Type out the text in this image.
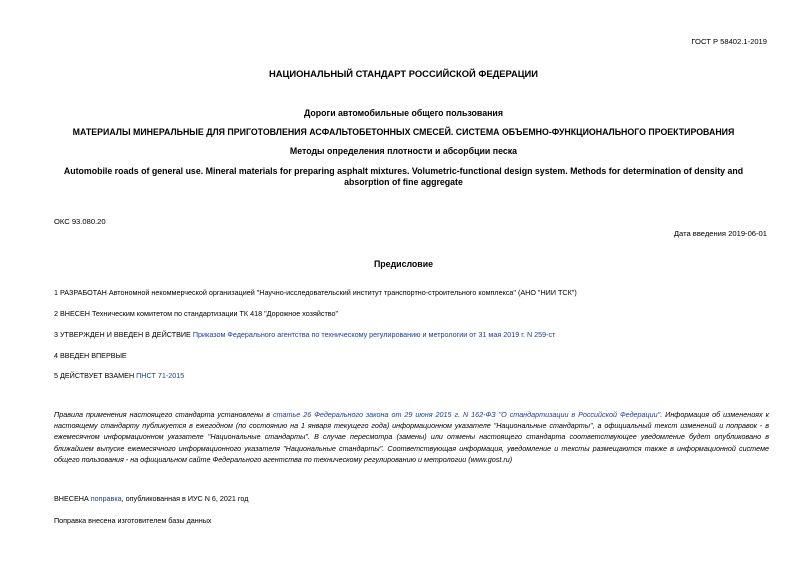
ГОСТ Р 58402.1-2019
НАЦИОНАЛЬНЫЙ СТАНДАРТ РОССИЙСКОЙ ФЕДЕРАЦИИ
Дороги автомобильные общего пользования
МАТЕРИАЛЫ МИНЕРАЛЬНЫЕ ДЛЯ ПРИГОТОВЛЕНИЯ АСФАЛЬТОБЕТОННЫХ СМЕСЕЙ. СИСТЕМА ОБЪЕМНО-ФУНКЦИОНАЛЬНОГО ПРОЕКТИРОВАНИЯ
Методы определения плотности и абсорбции песка
Automobile roads of general use. Mineral materials for preparing asphalt mixtures. Volumetric-functional design system. Methods for determination of density and absorption of fine aggregate
ОКС 93.080.20
Дата введения 2019-06-01
Предисловие
1 РАЗРАБОТАН Автономной некоммерческой организацией "Научно-исследовательский институт транспортно-строительного комплекса" (АНО "НИИ ТСК")
2 ВНЕСЕН Техническим комитетом по стандартизации ТК 418 "Дорожное хозяйство"
3 УТВЕРЖДЕН И ВВЕДЕН В ДЕЙСТВИЕ Приказом Федерального агентства по техническому регулированию и метрологии от 31 мая 2019 г. N 259-ст
4 ВВЕДЕН ВПЕРВЫЕ
5 ДЕЙСТВУЕТ ВЗАМЕН ПНСТ 71-2015
Правила применения настоящего стандарта установлены в статье 26 Федерального закона от 29 июня 2015 г. N 162-ФЗ "О стандартизации в Российской Федерации". Информация об изменениях к настоящему стандарту публикуется в ежегодном (по состоянию на 1 января текущего года) информационном указателе "Национальные стандарты", а официальный текст изменений и поправок - в ежемесячном информационном указателе "Национальные стандарты". В случае пересмотра (замены) или отмены настоящего стандарта соответствующее уведомление будет опубликовано в ближайшем выпуске ежемесячного информационного указателя "Национальные стандарты". Соответствующая информация, уведомление и тексты размещаются также в информационной системе общего пользования - на официальном сайте Федерального агентства по техническому регулированию и метрологии (www.gost.ru)
ВНЕСЕНА поправка, опубликованная в ИУС N 6, 2021 год
Поправка внесена изготовителем базы данных
